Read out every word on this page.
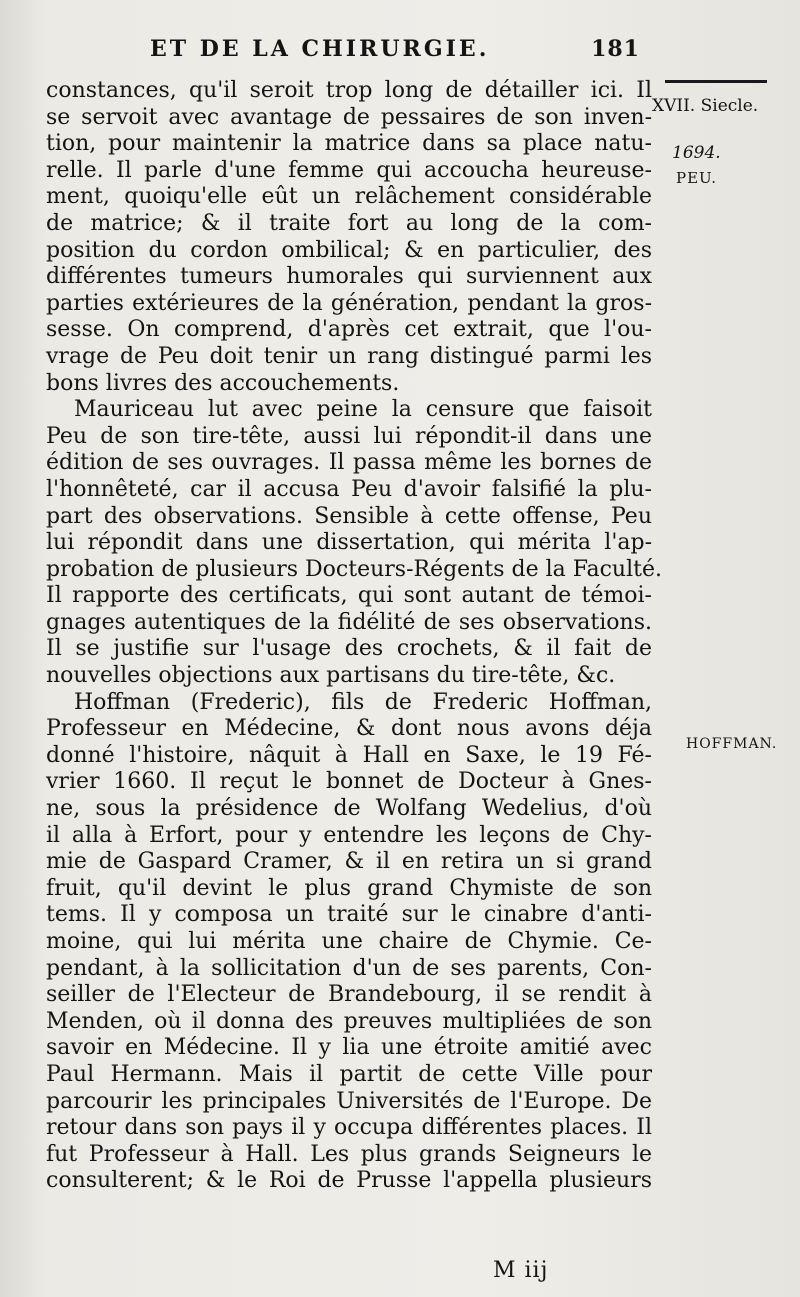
ET DE LA CHIRURGIE.	181
XVII. Siecle.
1694.
PEU.
HOFFMAN.
constances, qu'il seroit trop long de détailler ici. Il
se servoit avec avantage de pessaires de son inven-
tion, pour maintenir la matrice dans sa place natu-
relle. Il parle d'une femme qui accoucha heureuse-
ment, quoiqu'elle eût un relâchement considérable
de matrice; & il traite fort au long de la com-
position du cordon ombilical; & en particulier, des
différentes tumeurs humorales qui surviennent aux
parties extérieures de la génération, pendant la gros-
sesse. On comprend, d'après cet extrait, que l'ou-
vrage de Peu doit tenir un rang distingué parmi les
bons livres des accouchements.
Mauriceau lut avec peine la censure que faisoit
Peu de son tire-tête, aussi lui répondit-il dans une
édition de ses ouvrages. Il passa même les bornes de
l'honnêteté, car il accusa Peu d'avoir falsifié la plu-
part des observations. Sensible à cette offense, Peu
lui répondit dans une dissertation, qui mérita l'ap-
probation de plusieurs Docteurs-Régents de la Faculté.
Il rapporte des certificats, qui sont autant de témoi-
gnages autentiques de la fidélité de ses observations.
Il se justifie sur l'usage des crochets, & il fait de
nouvelles objections aux partisans du tire-tête, &c.
Hoffman (Frederic), fils de Frederic Hoffman,
Professeur en Médecine, & dont nous avons déja
donné l'histoire, nâquit à Hall en Saxe, le 19 Fé-
vrier 1660. Il reçut le bonnet de Docteur à Gnes-
ne, sous la présidence de Wolfang Wedelius, d'où
il alla à Erfort, pour y entendre les leçons de Chy-
mie de Gaspard Cramer, & il en retira un si grand
fruit, qu'il devint le plus grand Chymiste de son
tems. Il y composa un traité sur le cinabre d'anti-
moine, qui lui mérita une chaire de Chymie. Ce-
pendant, à la sollicitation d'un de ses parents, Con-
seiller de l'Electeur de Brandebourg, il se rendit à
Menden, où il donna des preuves multipliées de son
savoir en Médecine. Il y lia une étroite amitié avec
Paul Hermann. Mais il partit de cette Ville pour
parcourir les principales Universités de l'Europe. De
retour dans son pays il y occupa différentes places. Il
fut Professeur à Hall. Les plus grands Seigneurs le
consulterent; & le Roi de Prusse l'appella plusieurs
M iij
